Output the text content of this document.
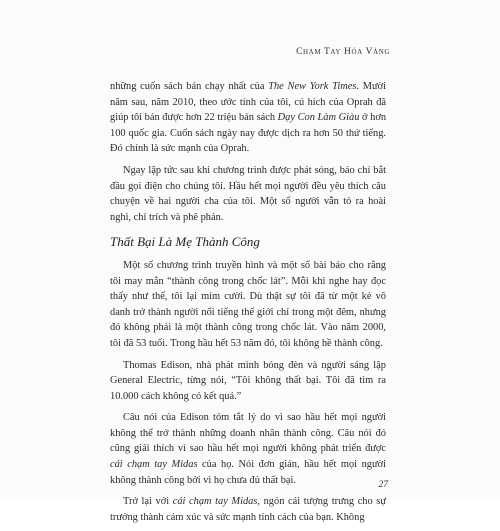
Chạm Tay Hóa Vàng

những cuốn sách bán chạy nhất của The New York Times. Mười năm sau, năm 2010, theo ước tính của tôi, cú hích của Oprah đã giúp tôi bán được hơn 22 triệu bản sách Dạy Con Làm Giàu ở hơn 100 quốc gia. Cuốn sách ngày nay được dịch ra hơn 50 thứ tiếng. Đó chính là sức mạnh của Oprah.

Ngay lập tức sau khi chương trình được phát sóng, báo chí bắt đầu gọi điện cho chúng tôi. Hầu hết mọi người đều yêu thích câu chuyện về hai người cha của tôi. Một số người vẫn tỏ ra hoài nghi, chỉ trích và phê phán.

Thất Bại Là Mẹ Thành Công

Một số chương trình truyền hình và một số bài báo cho rằng tôi may mắn “thành công trong chốc lát”. Mỗi khi nghe hay đọc thấy như thế, tôi lại mỉm cười. Dù thật sự tôi đã từ một kẻ vô danh trở thành người nổi tiếng thế giới chỉ trong một đêm, nhưng đó không phải là một thành công trong chốc lát. Vào năm 2000, tôi đã 53 tuổi. Trong hầu hết 53 năm đó, tôi không hề thành công.

Thomas Edison, nhà phát minh bóng đèn và người sáng lập General Electric, từng nói, “Tôi không thất bại. Tôi đã tìm ra 10.000 cách không có kết quả.”

Câu nói của Edison tóm tắt lý do vì sao hầu hết mọi người không thể trở thành những doanh nhân thành công. Câu nói đó cũng giải thích vì sao hầu hết mọi người không phát triển được cái chạm tay Midas của họ. Nói đơn giản, hầu hết mọi người không thành công bởi vì họ chưa đủ thất bại.

Trở lại với cái chạm tay Midas, ngón cái tượng trưng cho sự trưởng thành cảm xúc và sức mạnh tính cách của bạn. Không

27
